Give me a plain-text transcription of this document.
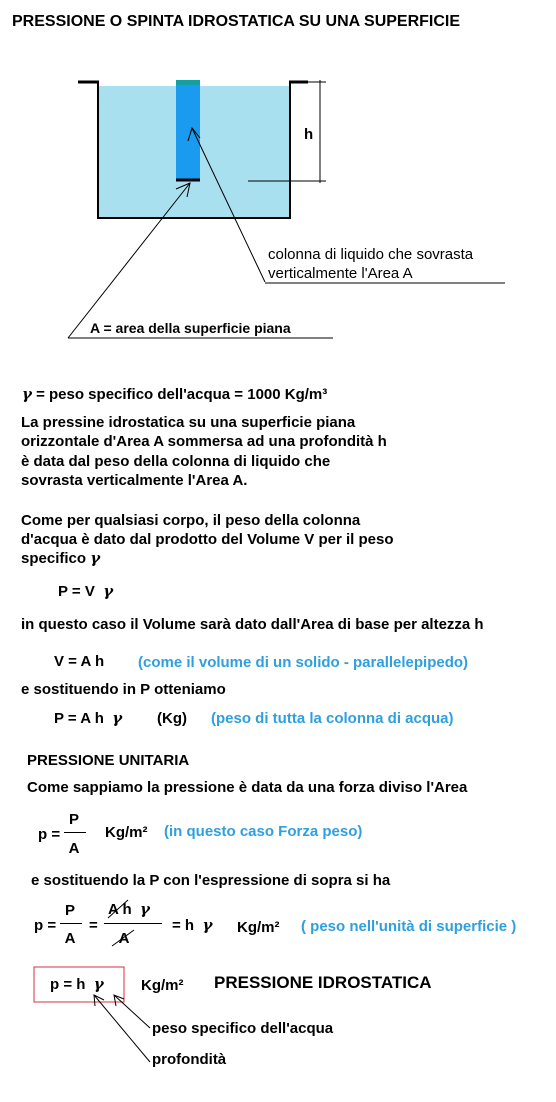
PRESSIONE O SPINTA IDROSTATICA SU UNA SUPERFICIE
h
colonna di liquido che sovrasta
verticalmente l'Area A
A = area della superficie piana
γ = peso specifico dell'acqua = 1000 Kg/m³
La pressine idrostatica su una superficie piana
orizzontale d'Area A sommersa ad una profondità h
è data dal peso della colonna di liquido che
sovrasta verticalmente l'Area A.
Come per qualsiasi corpo, il peso della colonna
d'acqua è dato dal prodotto del Volume V per il peso
specifico γ
P = V γ
in questo caso il Volume sarà dato dall'Area di base per altezza h
V = A h (come il volume di un solido - parallelepipedo)
e sostituendo in P otteniamo
P = A h γ (Kg) (peso di tutta la colonna di acqua)
PRESSIONE UNITARIA
Come sappiamo la pressione è data da una forza diviso l'Area
p =
P
A
Kg/m² (in questo caso Forza peso)
e sostituendo la P con l'espressione di sopra si ha
p =
P
A
=
A h γ
A
= h γ Kg/m² ( peso nell'unità di superficie )
p = h γ Kg/m² PRESSIONE IDROSTATICA
peso specifico dell'acqua
profondità
